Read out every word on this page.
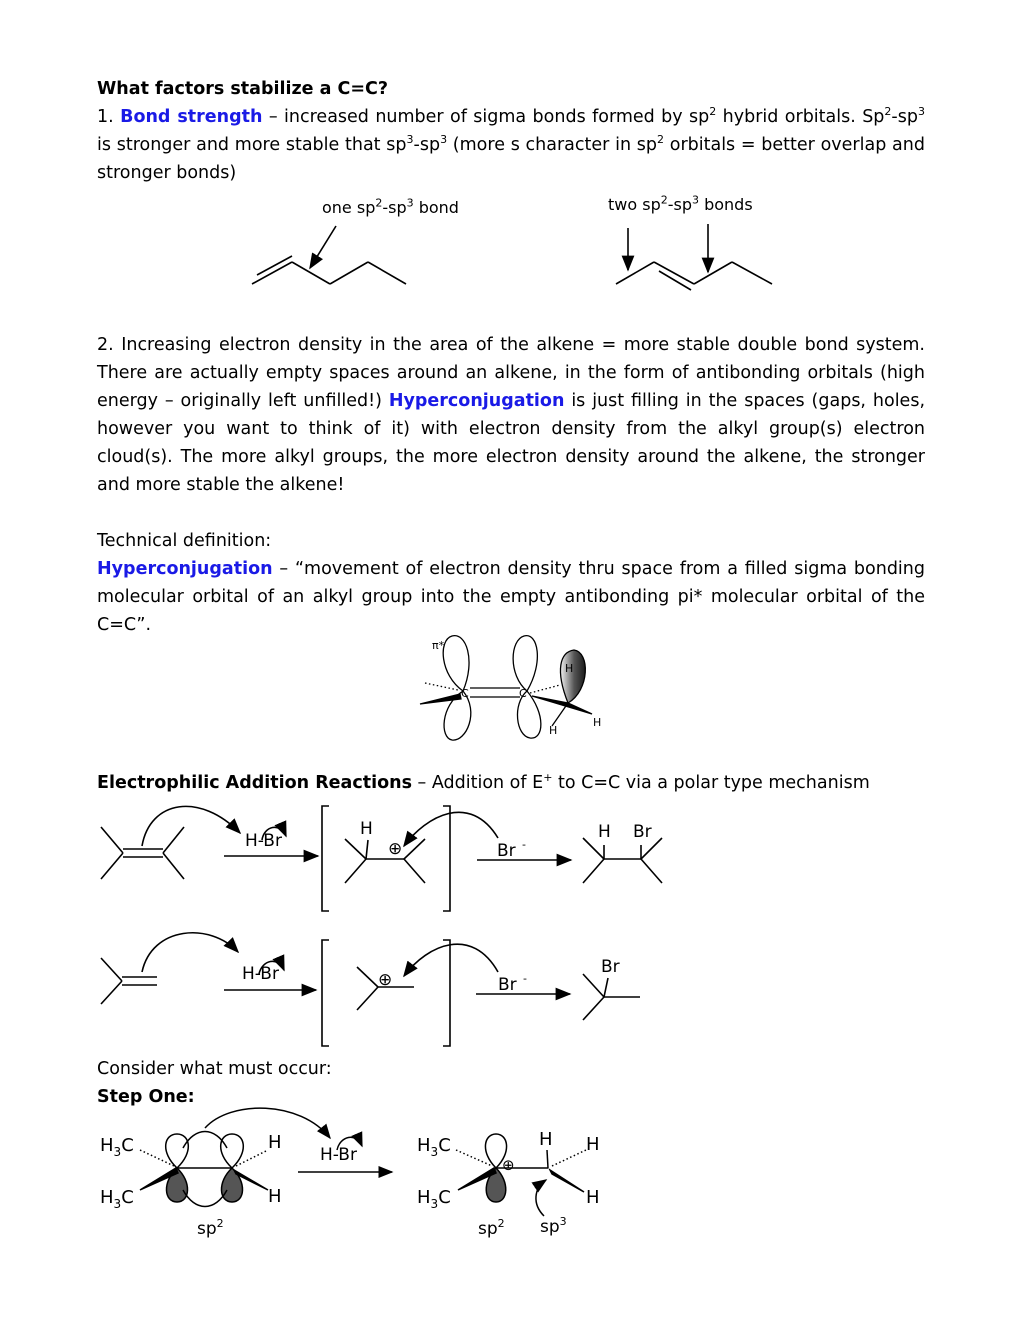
What factors stabilize a C=C?
1. Bond strength – increased number of sigma bonds formed by $sp^2$ hybrid orbitals. $Sp^2-sp^3$ is stronger and more stable that $sp^3-sp^3$ (more s character in $sp^2$ orbitals = better overlap and stronger bonds)
one $sp^2-sp^3$ bond	two $sp^2-sp^3$ bonds
2. Increasing electron density in the area of the alkene = more stable double bond system. There are actually empty spaces around an alkene, in the form of antibonding orbitals (high energy – originally left unfilled!) Hyperconjugation is just filling in the spaces (gaps, holes, however you want to think of it) with electron density from the alkyl group(s) electron cloud(s). The more alkyl groups, the more electron density around the alkene, the stronger and more stable the alkene!
Technical definition:
Hyperconjugation – “movement of electron density thru space from a filled sigma bonding molecular orbital of an alkyl group into the empty antibonding pi* molecular orbital of the C=C”.
Electrophilic Addition Reactions – Addition of E+ to C=C via a polar type mechanism
Consider what must occur:
Step One:
π*
C	C
H
H
H
H-Br
H
⊕	Br -
H Br
H-Br	⊕	Br -
Br
$H_3C$
$H_3C$
H
H
H-Br
$sp^2$
$H_3C$
$H_3C$
⊕
H H
H
$sp^2$ $sp^3$
